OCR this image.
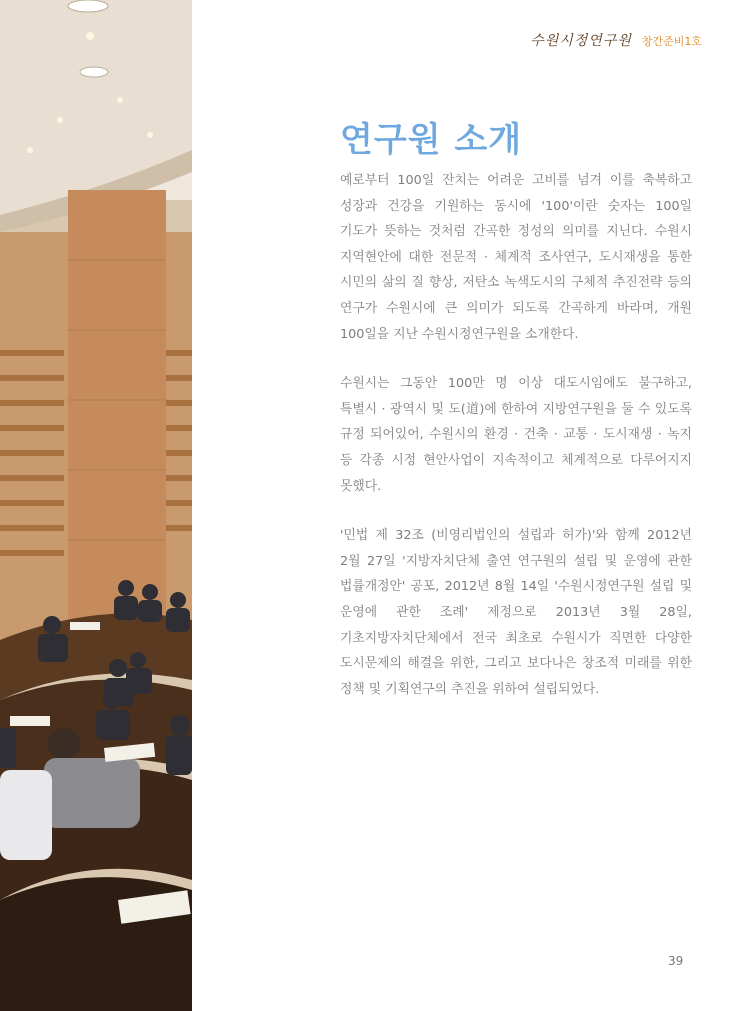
수원시정연구원 창간준비1호
연구원 소개

예로부터 100일 잔치는 어려운 고비를 넘겨 이를 축복하고 성장과 건강을 기원하는 동시에 '100'이란 숫자는 100일 기도가 뜻하는 것처럼 간곡한 정성의 의미를 지닌다. 수원시 지역현안에 대한 전문적 · 체계적 조사연구, 도시재생을 통한 시민의 삶의 질 향상, 저탄소 녹색도시의 구체적 추진전략 등의 연구가 수원시에 큰 의미가 되도록 간곡하게 바라며, 개원 100일을 지난 수원시정연구원을 소개한다.

수원시는 그동안 100만 명 이상 대도시임에도 불구하고, 특별시 · 광역시 및 도(道)에 한하여 지방연구원을 둘 수 있도록 규정 되어있어, 수원시의 환경 · 건축 · 교통 · 도시재생 · 녹지 등 각종 시정 현안사업이 지속적이고 체계적으로 다루어지지 못했다.

'민법 제 32조 (비영리법인의 설립과 허가)'와 함께 2012년 2월 27일 '지방자치단체 출연 연구원의 설립 및 운영에 관한 법률개정안' 공포, 2012년 8월 14일 '수원시정연구원 설립 및 운영에 관한 조례' 제정으로 2013년 3월 28일, 기초지방자치단체에서 전국 최초로 수원시가 직면한 다양한 도시문제의 해결을 위한, 그리고 보다나은 창조적 미래를 위한 정책 및 기획연구의 추진을 위하여 설립되었다.

39
